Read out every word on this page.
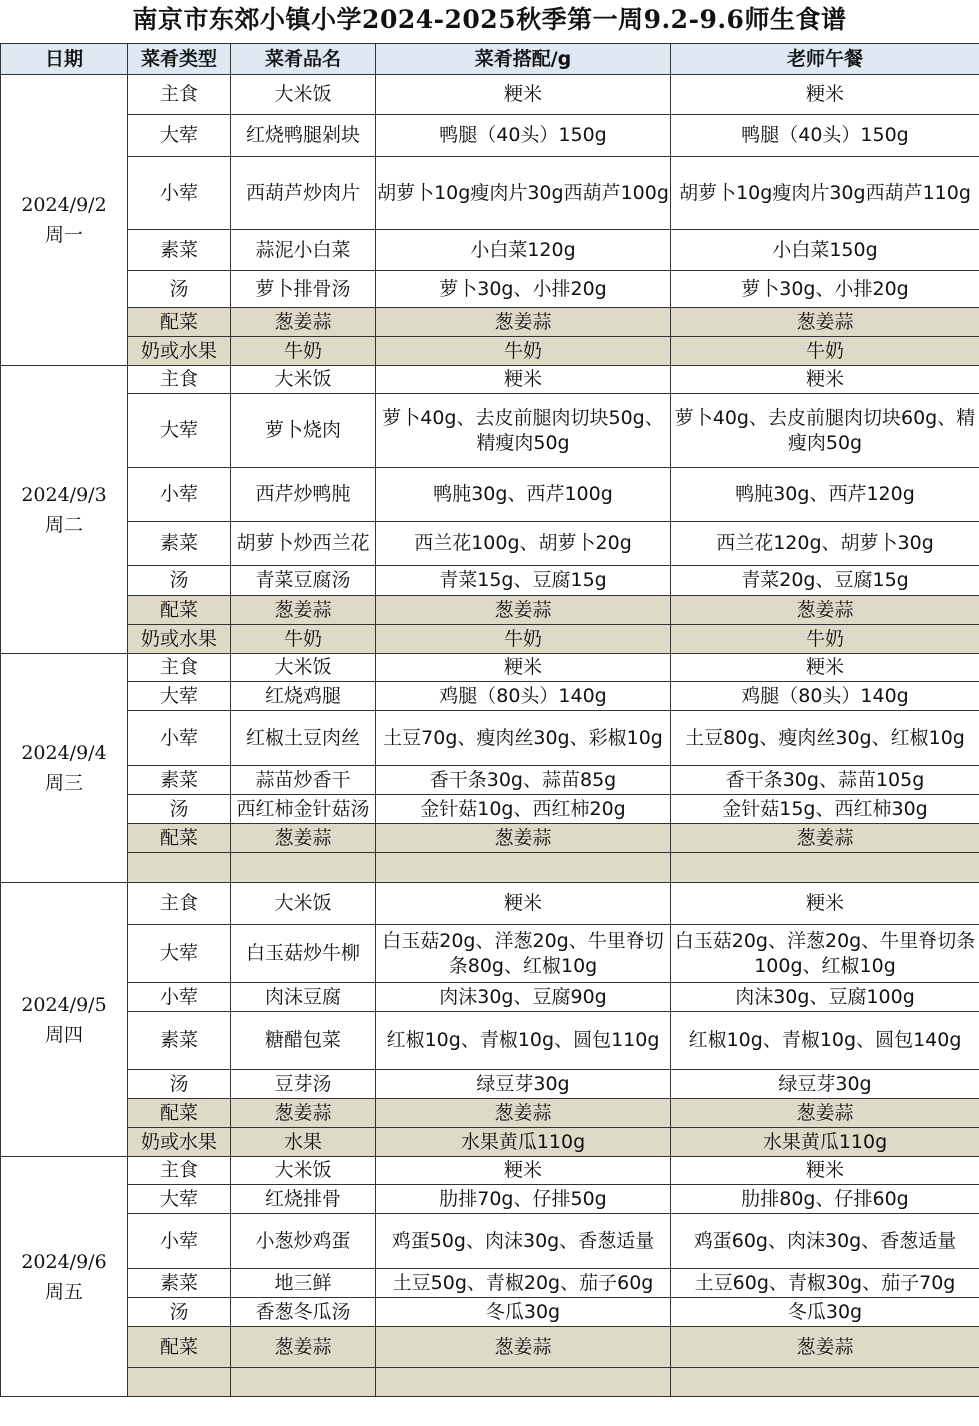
南京市东郊小镇小学2024-2025秋季第一周9.2-9.6师生食谱
日期	菜肴类型	菜肴品名	菜肴搭配/g	老师午餐

2024/9/2
周一	主食	大米饭	粳米	粳米
	大荤	红烧鸭腿剁块	鸭腿（40头）150g	鸭腿（40头）150g
	小荤	西葫芦炒肉片	胡萝卜10g瘦肉片30g西葫芦100g	胡萝卜10g瘦肉片30g西葫芦110g
	素菜	蒜泥小白菜	小白菜120g	小白菜150g
	汤	萝卜排骨汤	萝卜30g、小排20g	萝卜30g、小排20g
	配菜	葱姜蒜	葱姜蒜	葱姜蒜
	奶或水果	牛奶	牛奶	牛奶

2024/9/3
周二	主食	大米饭	粳米	粳米
	大荤	萝卜烧肉	萝卜40g、去皮前腿肉切块50g、精瘦肉50g	萝卜40g、去皮前腿肉切块60g、精瘦肉50g
	小荤	西芹炒鸭肫	鸭肫30g、西芹100g	鸭肫30g、西芹120g
	素菜	胡萝卜炒西兰花	西兰花100g、胡萝卜20g	西兰花120g、胡萝卜30g
	汤	青菜豆腐汤	青菜15g、豆腐15g	青菜20g、豆腐15g
	配菜	葱姜蒜	葱姜蒜	葱姜蒜
	奶或水果	牛奶	牛奶	牛奶

2024/9/4
周三	主食	大米饭	粳米	粳米
	大荤	红烧鸡腿	鸡腿（80头）140g	鸡腿（80头）140g
	小荤	红椒土豆肉丝	土豆70g、瘦肉丝30g、彩椒10g	土豆80g、瘦肉丝30g、红椒10g
	素菜	蒜苗炒香干	香干条30g、蒜苗85g	香干条30g、蒜苗105g
	汤	西红柿金针菇汤	金针菇10g、西红柿20g	金针菇15g、西红柿30g
	配菜	葱姜蒜	葱姜蒜	葱姜蒜

2024/9/5
周四	主食	大米饭	粳米	粳米
	大荤	白玉菇炒牛柳	白玉菇20g、洋葱20g、牛里脊切条80g、红椒10g	白玉菇20g、洋葱20g、牛里脊切条100g、红椒10g
	小荤	肉沫豆腐	肉沫30g、豆腐90g	肉沫30g、豆腐100g
	素菜	糖醋包菜	红椒10g、青椒10g、圆包110g	红椒10g、青椒10g、圆包140g
	汤	豆芽汤	绿豆芽30g	绿豆芽30g
	配菜	葱姜蒜	葱姜蒜	葱姜蒜
	奶或水果	水果	水果黄瓜110g	水果黄瓜110g

2024/9/6
周五	主食	大米饭	粳米	粳米
	大荤	红烧排骨	肋排70g、仔排50g	肋排80g、仔排60g
	小荤	小葱炒鸡蛋	鸡蛋50g、肉沫30g、香葱适量	鸡蛋60g、肉沫30g、香葱适量
	素菜	地三鲜	土豆50g、青椒20g、茄子60g	土豆60g、青椒30g、茄子70g
	汤	香葱冬瓜汤	冬瓜30g	冬瓜30g
	配菜	葱姜蒜	葱姜蒜	葱姜蒜
